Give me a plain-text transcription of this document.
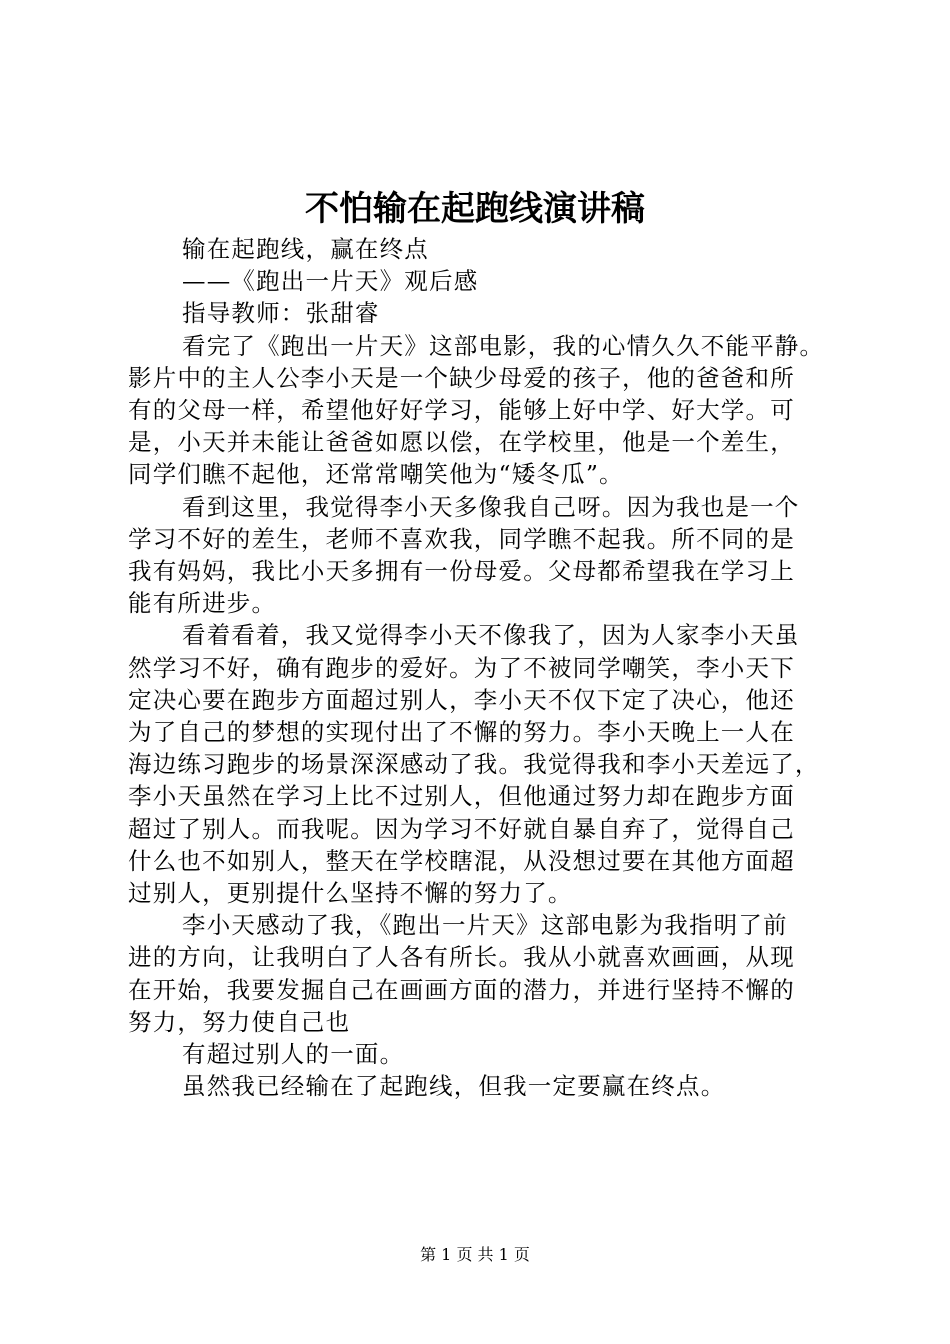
不怕输在起跑线演讲稿

输在起跑线，赢在终点

——《跑出一片天》观后感

指导教师：张甜睿

看完了《跑出一片天》这部电影，我的心情久久不能平静。

影片中的主人公李小天是一个缺少母爱的孩子，他的爸爸和所

有的父母一样，希望他好好学习，能够上好中学、好大学。可

是，小天并未能让爸爸如愿以偿，在学校里，他是一个差生，

同学们瞧不起他，还常常嘲笑他为“矮冬瓜”。

看到这里，我觉得李小天多像我自己呀。因为我也是一个

学习不好的差生，老师不喜欢我，同学瞧不起我。所不同的是

我有妈妈，我比小天多拥有一份母爱。父母都希望我在学习上

能有所进步。

看着看着，我又觉得李小天不像我了，因为人家李小天虽

然学习不好，确有跑步的爱好。为了不被同学嘲笑，李小天下

定决心要在跑步方面超过别人，李小天不仅下定了决心，他还

为了自己的梦想的实现付出了不懈的努力。李小天晚上一人在

海边练习跑步的场景深深感动了我。我觉得我和李小天差远了，

李小天虽然在学习上比不过别人，但他通过努力却在跑步方面

超过了别人。而我呢。因为学习不好就自暴自弃了，觉得自己

什么也不如别人，整天在学校瞎混，从没想过要在其他方面超

过别人，更别提什么坚持不懈的努力了。

李小天感动了我，《跑出一片天》这部电影为我指明了前

进的方向，让我明白了人各有所长。我从小就喜欢画画，从现

在开始，我要发掘自己在画画方面的潜力，并进行坚持不懈的

努力，努力使自己也

有超过别人的一面。

虽然我已经输在了起跑线，但我一定要赢在终点。

第 1 页 共 1 页
